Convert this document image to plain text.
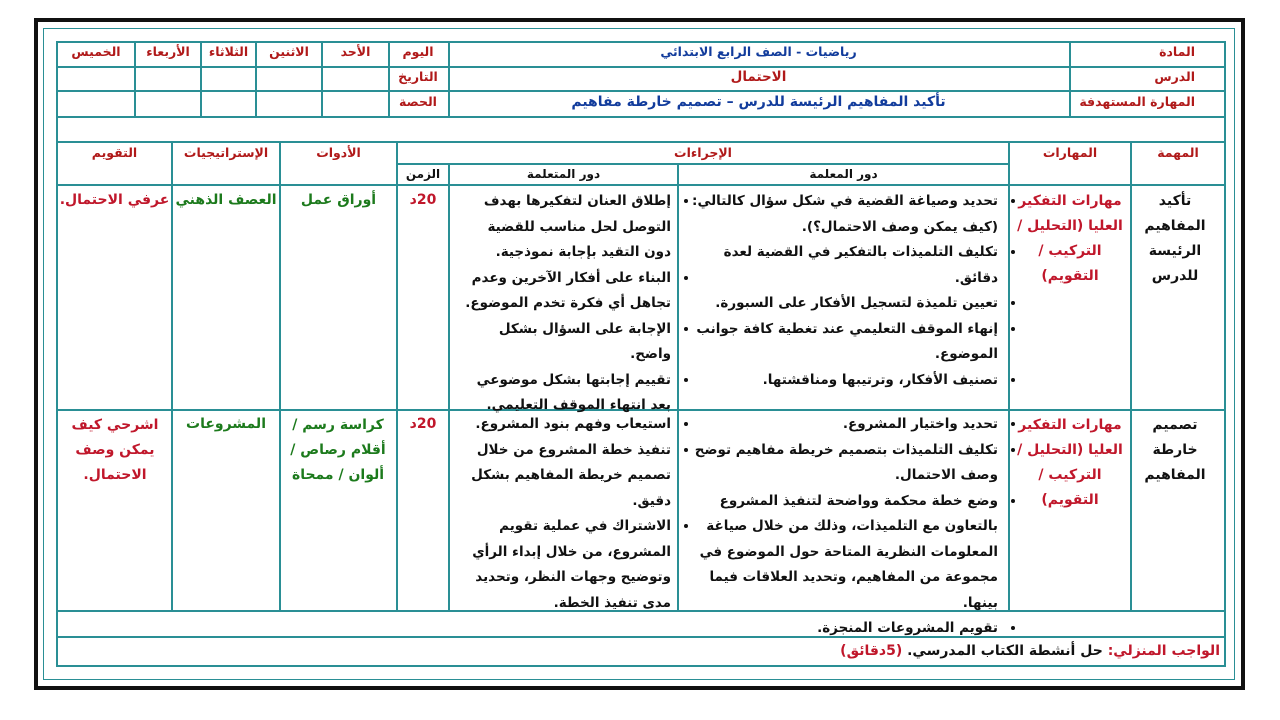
المادة
رياضيات - الصف الرابع الابتدائي
الدرس
الاحتمال
المهارة المستهدفة
تأكيد المفاهيم الرئيسة للدرس – تصميم خارطة مفاهيم
اليوم
التاريخ
الحصة
الأحد
الاثنين
الثلاثاء
الأربعاء
الخميس
المهمة
المهارات
الإجراءات
دور المعلمة
دور المتعلمة
الزمن
الأدوات
الإستراتيجيات
التقويم
تأكيد المفاهيم الرئيسة للدرس
مهارات التفكير العليا (التحليل / التركيب / التقويم)
• تحديد وصياغة القضية في شكل سؤال كالتالي: (كيف يمكن وصف الاحتمال؟).
• تكليف التلميذات بالتفكير في القضية لعدة دقائق.
• تعيين تلميذة لتسجيل الأفكار على السبورة.
• إنهاء الموقف التعليمي عند تغطية كافة جوانب الموضوع.
• تصنيف الأفكار، وترتيبها ومناقشتها.
• إطلاق العنان لتفكيرها بهدف التوصل لحل مناسب للقضية دون التقيد بإجابة نموذجية.
• البناء على أفكار الآخرين وعدم تجاهل أي فكرة تخدم الموضوع.
• الإجابة على السؤال بشكل واضح.
• تقييم إجابتها بشكل موضوعي بعد انتهاء الموقف التعليمي.
20د
أوراق عمل
العصف الذهني
عرفي الاحتمال.
تصميم خارطة المفاهيم
مهارات التفكير العليا (التحليل / التركيب / التقويم)
• تحديد واختيار المشروع.
• تكليف التلميذات بتصميم خريطة مفاهيم توضح وصف الاحتمال.
• وضع خطة محكمة وواضحة لتنفيذ المشروع بالتعاون مع التلميذات، وذلك من خلال صياغة المعلومات النظرية المتاحة حول الموضوع في مجموعة من المفاهيم، وتحديد العلاقات فيما بينها.
• تقويم المشروعات المنجزة.
• استيعاب وفهم بنود المشروع.
• تنفيذ خطة المشروع من خلال تصميم خريطة المفاهيم بشكل دقيق.
• الاشتراك في عملية تقويم المشروع، من خلال إبداء الرأي وتوضيح وجهات النظر، وتحديد مدى تنفيذ الخطة.
20د
كراسة رسم / أقلام رصاص / ألوان / ممحاة
المشروعات
اشرحي كيف يمكن وصف الاحتمال.
الواجب المنزلي: حل أنشطة الكتاب المدرسي. (5دقائق)
